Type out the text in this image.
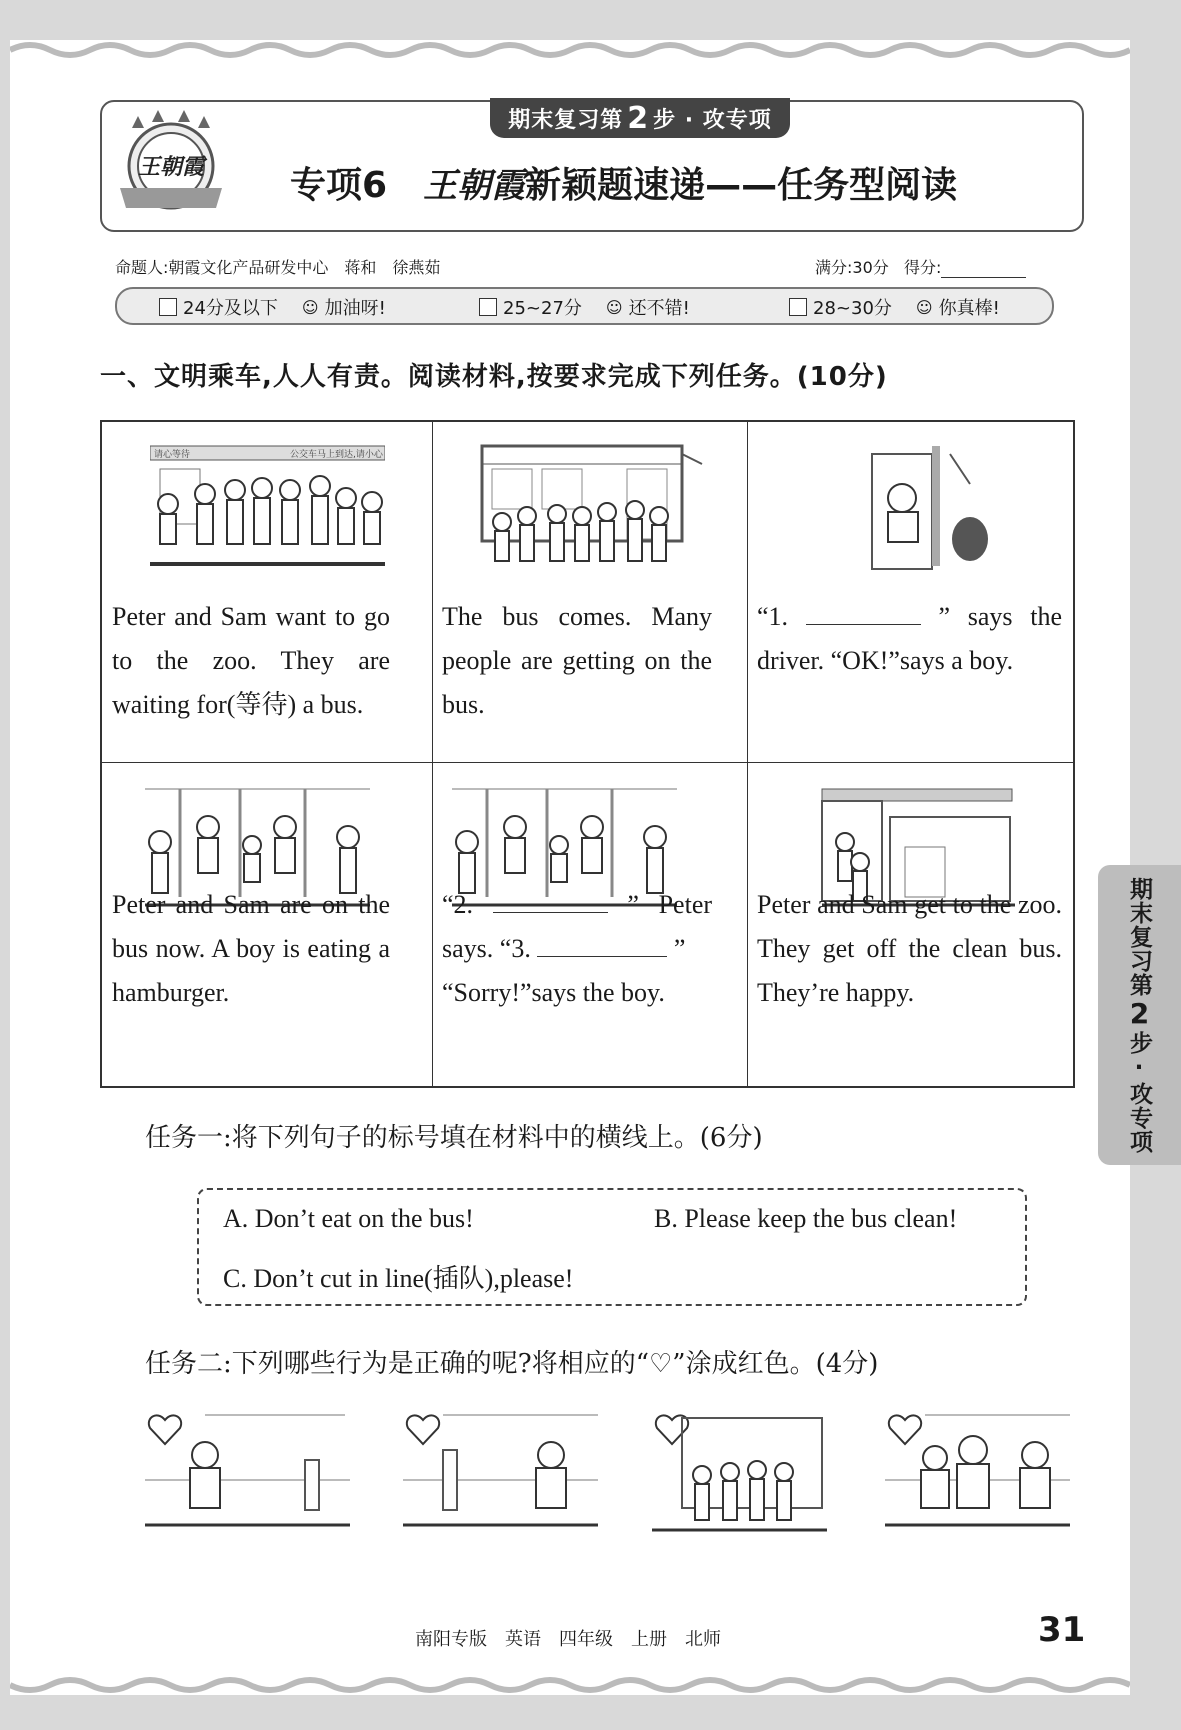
期末复习第 2 步 · 攻专项
王朝霞 专项6 王朝霞新颖题速递——任务型阅读
命题人:朝霞文化产品研发中心　蒋和　徐燕茹	满分:30分 得分:
24分及以下 ☺ 加油呀!	25~27分 ☺ 还不错!	28~30分 ☺ 你真棒!
一、文明乘车,人人有责。阅读材料,按要求完成下列任务。(10分)
请心等待	公交车马上到达,请小心
Peter and Sam want to go to the zoo. They are waiting for(等待) a bus.
The bus comes. Many people are getting on the bus.
“1.	” says the driver. “OK!”says a boy.
Peter and Sam are on the bus now. A boy is eating a hamburger.
“2.	” Peter says. “3.	”
“Sorry!”says the boy.
Peter and Sam get to the zoo. They get off the clean bus. They’re happy.
任务一:将下列句子的标号填在材料中的横线上。(6分)
A. Don’t eat on the bus!	B. Please keep the bus clean!
C. Don’t cut in line(插队),please!
任务二:下列哪些行为是正确的呢?将相应的“♡”涂成红色。(4分)
期末复习第
2
步·攻专项
南阳专版　英语　四年级　上册　北师	31
